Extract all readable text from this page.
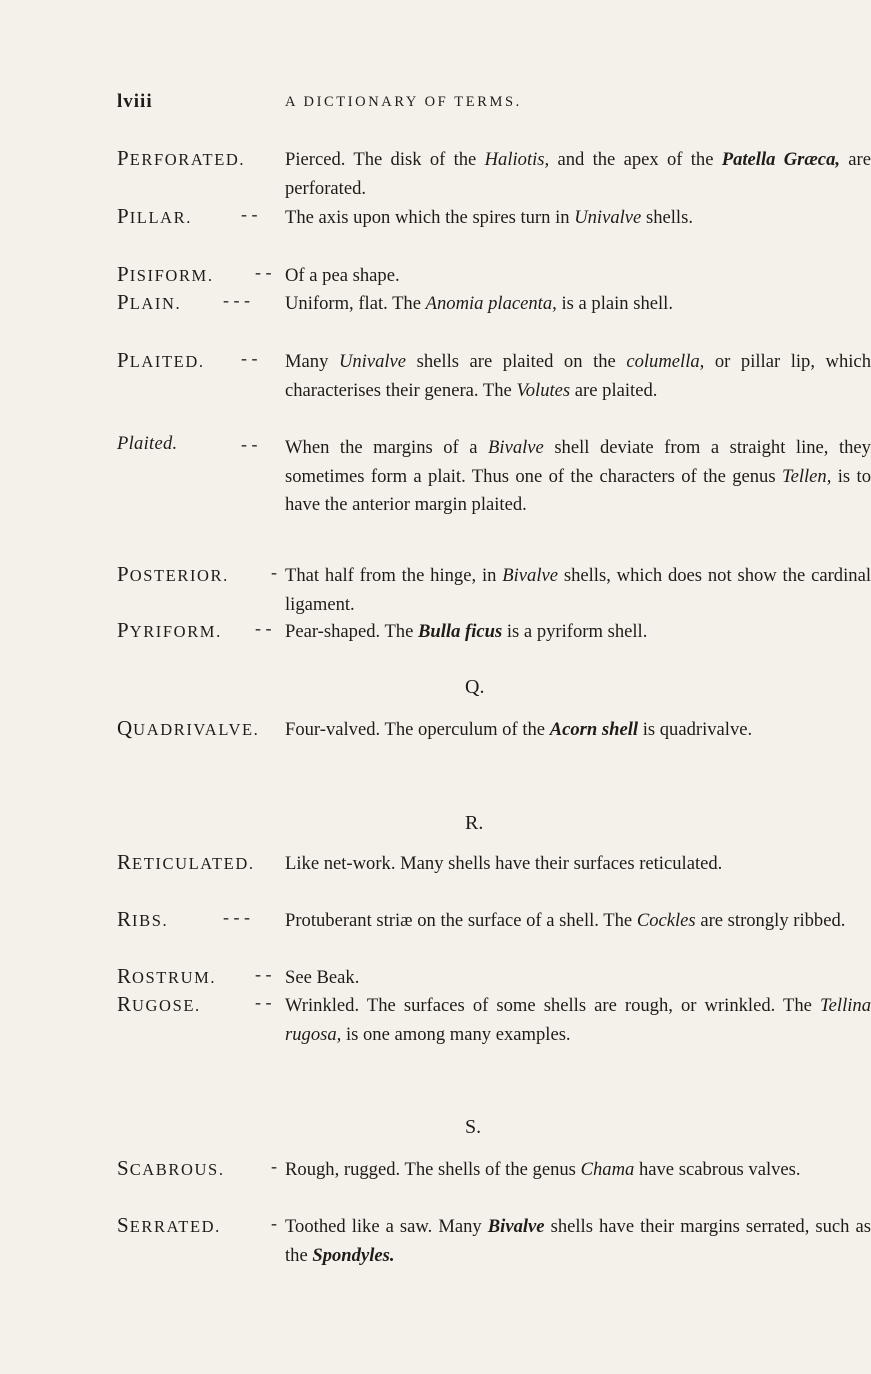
lviii	A DICTIONARY OF TERMS.
PERFORATED.	Pierced. The disk of the Haliotis, and the apex of the Patella Græca, are perforated.
PILLAR.	- - The axis upon which the spires turn in Univalve shells.
PISIFORM.	- - Of a pea shape.
PLAIN.	- - - Uniform, flat. The Anomia placenta, is a plain shell.
PLAITED.	- - Many Univalve shells are plaited on the columella, or pillar lip, which characterises their genera. The Volutes are plaited.
Plaited.	- - When the margins of a Bivalve shell deviate from a straight line, they sometimes form a plait. Thus one of the characters of the genus Tellen, is to have the anterior margin plaited.
POSTERIOR.	- That half from the hinge, in Bivalve shells, which does not show the cardinal ligament.
PYRIFORM.	- - Pear-shaped. The Bulla ficus is a pyriform shell.
Q.
QUADRIVALVE.	Four-valved. The operculum of the Acorn shell is quadrivalve.
R.
RETICULATED.	Like net-work. Many shells have their surfaces reticulated.
RIBS.	- - - Protuberant striæ on the surface of a shell. The Cockles are strongly ribbed.
ROSTRUM.	- - See Beak.
RUGOSE.	- - Wrinkled. The surfaces of some shells are rough, or wrinkled. The Tellina rugosa, is one among many examples.
S.
SCABROUS.	- Rough, rugged. The shells of the genus Chama have scabrous valves.
SERRATED.	- Toothed like a saw. Many Bivalve shells have their margins serrated, such as the Spondyles.
